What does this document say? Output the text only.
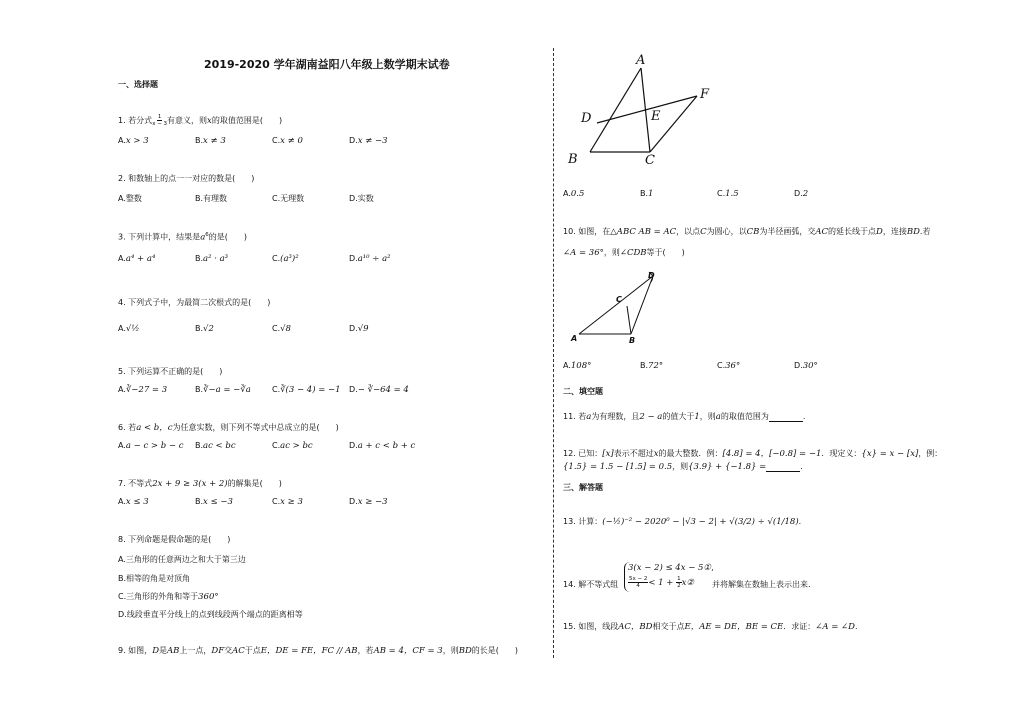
2019-2020 学年湖南益阳八年级上数学期末试卷
一、选择题
1. 若分式 $\frac{1}{x - 3}$ 有意义，则x的取值范围是(　　)
A.x > 3	B.x ≠ 3	C.x ≠ 0	D.x ≠ −3
2. 和数轴上的点一一对应的数是(　　)
A.整数	B.有理数	C.无理数	D.实数
3. 下列计算中，结果是$a^6$的是(　　)
A.a⁴ + a⁴	B.a² · a³	C.(a³)²	D.a¹⁰ ÷ a²
4. 下列式子中，为最简二次根式的是(　　)
A.√½	B.√2	C.√8	D.√9
5. 下列运算不正确的是(　　)
A.∛−27 = 3	B.∛−a = −∛a	C.∛(3 − 4) = −1 D.− ∛−64 = 4
6. 若a < b，c为任意实数，则下列不等式中总成立的是(　　)
A.a − c > b − c B.ac < bc	C.ac > bc	D.a + c < b + c
7. 不等式2x + 9 ≥ 3(x + 2)的解集是(　　)
A.x ≤ 3	B.x ≤ −3	C.x ≥ 3	D.x ≥ −3
8. 下列命题是假命题的是(　　)
A.三角形的任意两边之和大于第三边
B.相等的角是对顶角
C.三角形的外角和等于360°
D.线段垂直平分线上的点到线段两个端点的距离相等
9. 如图，D是AB上一点，DF交AC于点E，DE = FE，FC // AB，若AB = 4，CF = 3，则BD的长是(　　)
A
B	C
D	E
F
A.0.5	B.1	C.1.5	D.2
10. 如图，在△ABC AB = AC，以点C为圆心，以CB为半径画弧，交AC的延长线于点D，连接BD.若
∠A = 36°，则∠CDB等于(　　)
A	B
C
D
A.108°	B.72°	C.36°	D.30°
二、填空题
11. 若a为有理数，且2 − a的值大于1，则a的取值范围为	.
12. 已知：[x]表示不超过x的最大整数．例：[4.8] = 4，[−0.8] = −1．现定义：{x} = x − [x]，例：
{1.5} = 1.5 − [1.5] = 0.5，则{3.9} + {−1.8} =	.
三、解答题
13. 计算：(−½)⁻² − 2020⁰ − |√3 − 2| + √(3/2) ÷ √(1/18).
14. 解不等式组
3(x − 2) ≤ 4x − 5①,
$\frac{5x - 2}{4} < 1 + \frac{1}{2}$ x② 并将解集在数轴上表示出来.
15. 如图，线段AC，BD相交于点E，AE = DE，BE = CE．求证：∠A = ∠D.
